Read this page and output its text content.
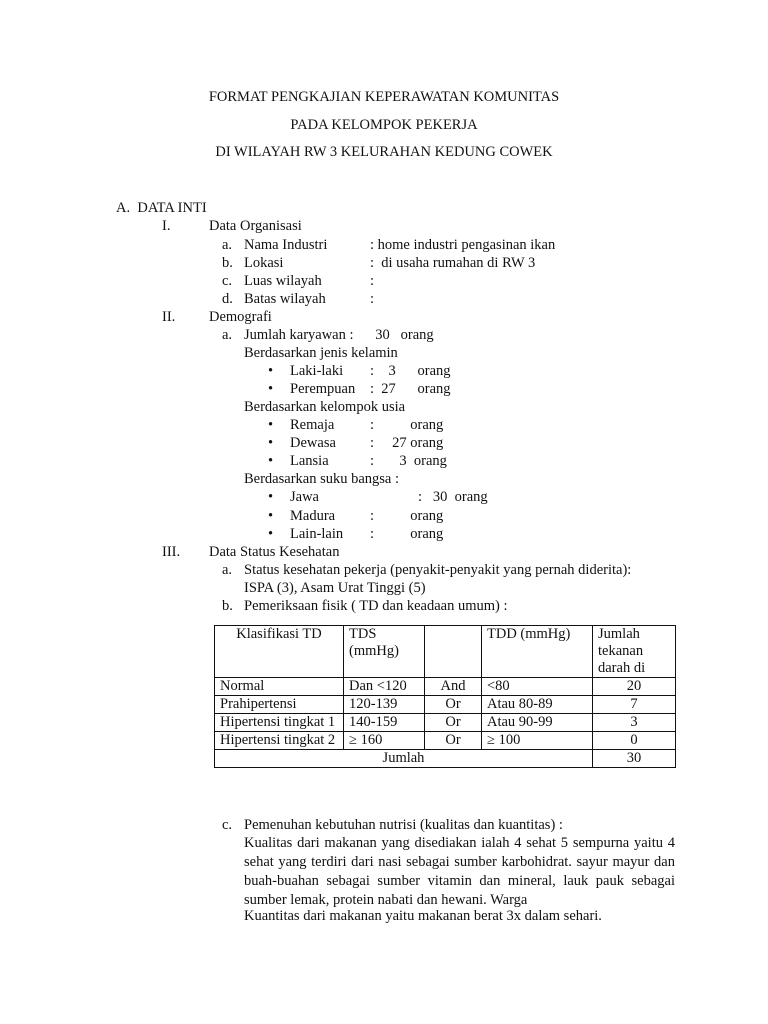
FORMAT PENGKAJIAN KEPERAWATAN KOMUNITAS
PADA KELOMPOK PEKERJA
DI WILAYAH RW 3 KELURAHAN KEDUNG COWEK
A.  DATA INTI
I.	Data Organisasi
a. Nama Industri	: home industri pengasinan ikan
b. Lokasi	:  di usaha rumahan di RW 3
c. Luas wilayah	:
d. Batas wilayah	:
II. Demografi
a. Jumlah karyawan :      30   orang
Berdasarkan jenis kelamin
• Laki-laki :    3      orang
• Perempuan :  27      orang
Berdasarkan kelompok usia
• Remaja :          orang
• Dewasa :     27 orang
• Lansia	:       3  orang
Berdasarkan suku bangsa :
• Jawa	:   30  orang
• Madura :          orang
• Lain-lain :          orang
III. Data Status Kesehatan
a. Status kesehatan pekerja (penyakit-penyakit yang pernah diderita):
ISPA (3), Asam Urat Tinggi (5)
b. Pemeriksaan fisik ( TD dan keadaan umum) :
Klasifikasi TD	TDS (mmHg)		TDD (mmHg)	Jumlah tekanan darah di
Normal	Dan <120	And	<80	20
Prahipertensi	120-139	Or	Atau 80-89	7
Hipertensi tingkat 1	140-159	Or	Atau 90-99	3
Hipertensi tingkat 2	≥ 160	Or	≥ 100	0
Jumlah				30
c. Pemenuhan kebutuhan nutrisi (kualitas dan kuantitas) :
Kualitas dari makanan yang disediakan ialah 4 sehat 5 sempurna yaitu 4 sehat yang terdiri dari nasi sebagai sumber karbohidrat. sayur mayur dan buah-buahan sebagai sumber vitamin dan mineral, lauk pauk sebagai sumber lemak, protein nabati dan hewani. Warga
Kuantitas dari makanan yaitu makanan berat 3x dalam sehari.
